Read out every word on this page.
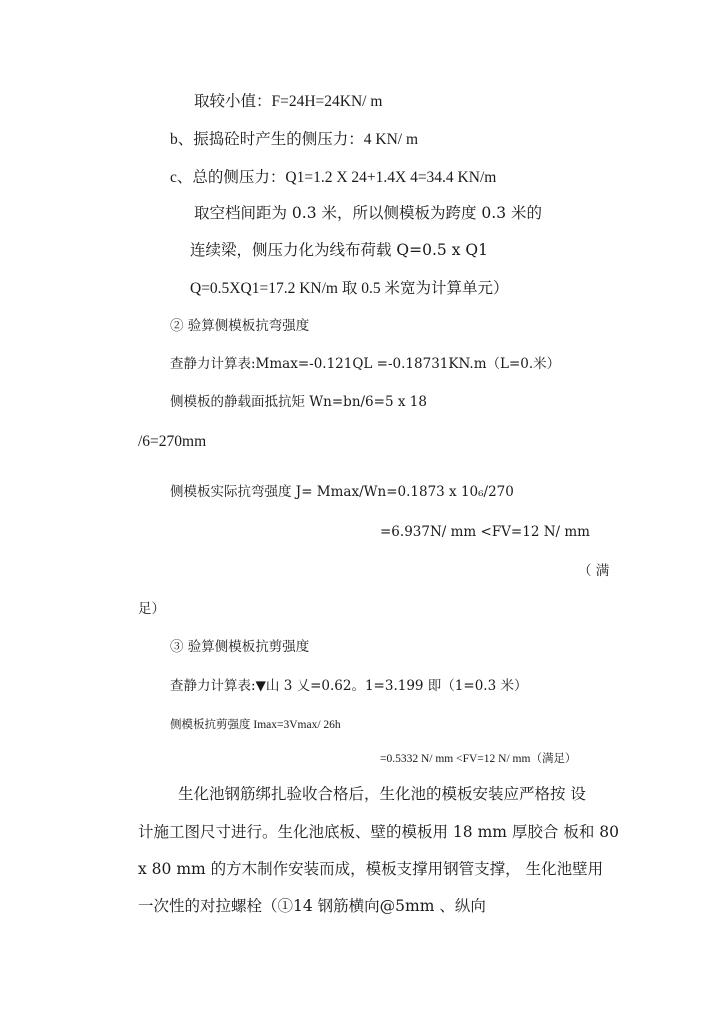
取较小值：F=24H=24KN/ m
b、振捣砼时产生的侧压力：4 KN/ m
c、总的侧压力：Q1=1.2 X 24+1.4X 4=34.4 KN/m
取空档间距为 0.3 米，所以侧模板为跨度 0.3 米的
连续梁，侧压力化为线布荷载 Q=0.5 x Q1
Q=0.5XQ1=17.2 KN/m 取 0.5 米宽为计算单元）
② 验算侧模板抗弯强度
查静力计算表:Mmax=-0.121QL =-0.18731KN.m（L=0.米）
侧模板的静载面抵抗矩 Wn=bn/6=5 x 18
/6=270mm
侧模板实际抗弯强度 J= Mmax/Wn=0.1873 x 10₆/270
=6.937N/ mm <FV=12 N/ mm
（ 满
足）
③ 验算侧模板抗剪强度
查静力计算表:▼山 3 乂=0.62。1=3.199 即（1=0.3 米）
侧模板抗剪强度 Imax=3Vmax/ 26h
=0.5332 N/ mm <FV=12 N/ mm（满足）
生化池钢筋绑扎验收合格后，生化池的模板安装应严格按 设
计施工图尺寸进行。生化池底板、壁的模板用 18 mm 厚胶合 板和 80
x 80 mm 的方木制作安装而成，模板支撑用钢管支撑， 生化池壁用
一次性的对拉螺栓（①14 钢筋横向@5mm 、纵向
